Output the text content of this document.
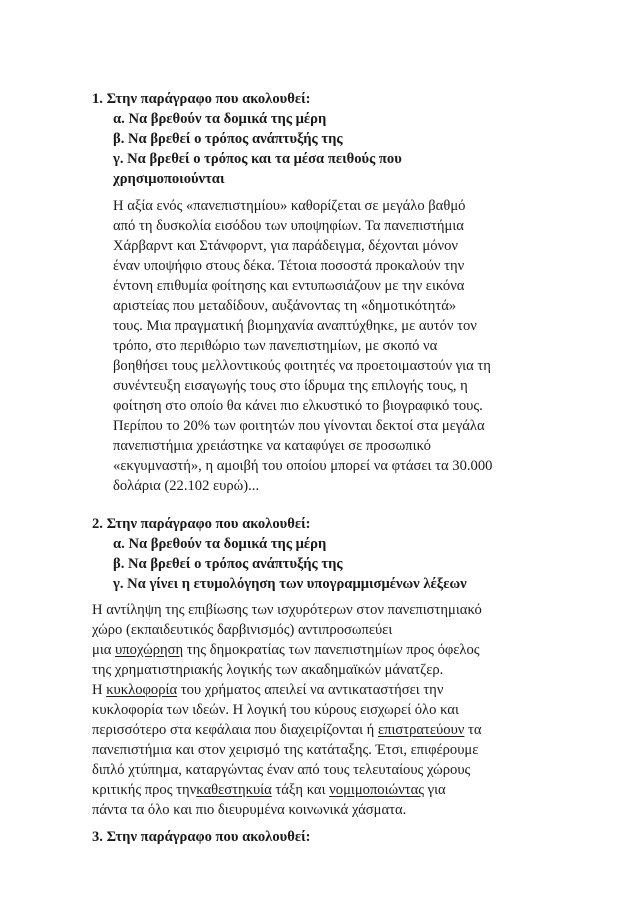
1. Στην παράγραφο που ακολουθεί:
α. Να βρεθούν τα δομικά της μέρη
β. Να βρεθεί ο τρόπος ανάπτυξής της
γ. Να βρεθεί ο τρόπος και τα μέσα πειθούς που
χρησιμοποιούνται
Η αξία ενός «πανεπιστημίου» καθορίζεται σε μεγάλο βαθμό
από τη δυσκολία εισόδου των υποψηφίων. Τα πανεπιστήμια
Χάρβαρντ και Στάνφορντ, για παράδειγμα, δέχονται μόνον
έναν υποψήφιο στους δέκα. Τέτοια ποσοστά προκαλούν την
έντονη επιθυμία φοίτησης και εντυπωσιάζουν με την εικόνα
αριστείας που μεταδίδουν, αυξάνοντας τη «δημοτικότητά»
τους. Μια πραγματική βιομηχανία αναπτύχθηκε, με αυτόν τον
τρόπο, στο περιθώριο των πανεπιστημίων, με σκοπό να
βοηθήσει τους μελλοντικούς φοιτητές να προετοιμαστούν για τη
συνέντευξη εισαγωγής τους στο ίδρυμα της επιλογής τους, η
φοίτηση στο οποίο θα κάνει πιο ελκυστικό το βιογραφικό τους.
Περίπου το 20% των φοιτητών που γίνονται δεκτοί στα μεγάλα
πανεπιστήμια χρειάστηκε να καταφύγει σε προσωπικό
«εκγυμναστή», η αμοιβή του οποίου μπορεί να φτάσει τα 30.000
δολάρια (22.102 ευρώ)...
2. Στην παράγραφο που ακολουθεί:
α. Να βρεθούν τα δομικά της μέρη
β. Να βρεθεί ο τρόπος ανάπτυξής της
γ. Να γίνει η ετυμολόγηση των υπογραμμισμένων λέξεων
Η αντίληψη της επιβίωσης των ισχυρότερων στον πανεπιστημιακό
χώρο (εκπαιδευτικός δαρβινισμός) αντιπροσωπεύει
μια υποχώρηση της δημοκρατίας των πανεπιστημίων προς όφελος
της χρηματιστηριακής λογικής των ακαδημαϊκών μάνατζερ.
Η κυκλοφορία του χρήματος απειλεί να αντικαταστήσει την
κυκλοφορία των ιδεών. Η λογική του κύρους εισχωρεί όλο και
περισσότερο στα κεφάλαια που διαχειρίζονται ή επιστρατεύουν τα
πανεπιστήμια και στον χειρισμό της κατάταξης. Έτσι, επιφέρουμε
διπλό χτύπημα, καταργώντας έναν από τους τελευταίους χώρους
κριτικής προς τηνκαθεστηκυία τάξη και νομιμοποιώντας για
πάντα τα όλο και πιο διευρυμένα κοινωνικά χάσματα.
3. Στην παράγραφο που ακολουθεί:
